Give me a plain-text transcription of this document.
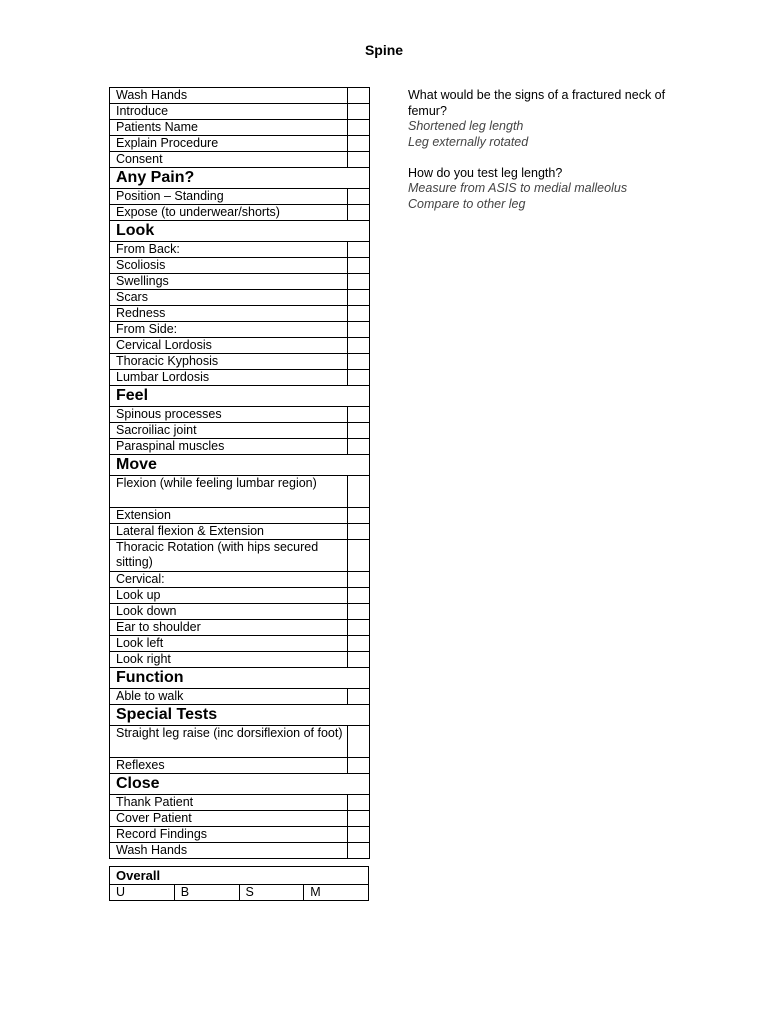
Spine
Wash Hands	
Introduce	
Patients Name	
Explain Procedure	
Consent	
Any Pain?	
Position – Standing	
Expose (to underwear/shorts)	
Look	
From Back:	
Scoliosis	
Swellings	
Scars	
Redness	
From Side:	
Cervical Lordosis	
Thoracic Kyphosis	
Lumbar Lordosis	
Feel	
Spinous processes	
Sacroiliac joint	
Paraspinal muscles	
Move	
Flexion (while feeling lumbar region)	
Extension	
Lateral flexion & Extension	
Thoracic Rotation (with hips secured sitting)	
Cervical:	
Look up	
Look down	
Ear to shoulder	
Look left	
Look right	
Function	
Able to walk	
Special Tests	
Straight leg raise (inc dorsiflexion of foot)	
Reflexes	
Close	
Thank Patient	
Cover Patient	
Record Findings	
Wash Hands	
Overall
U	B	S	M
What would be the signs of a fractured neck of femur?
Shortened leg length
Leg externally rotated
How do you test leg length?
Measure from ASIS to medial malleolus
Compare to other leg
